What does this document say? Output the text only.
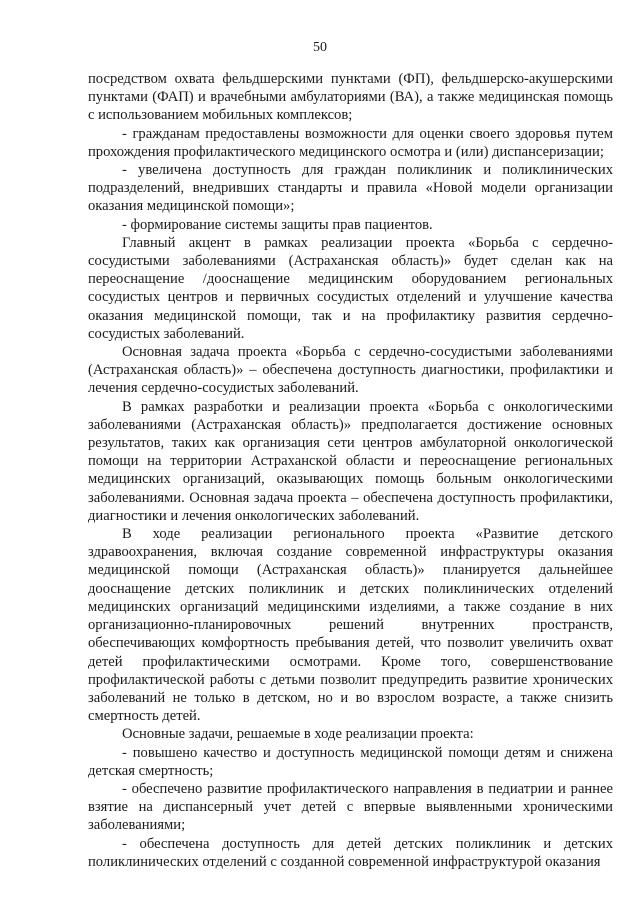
50

посредством охвата фельдшерскими пунктами (ФП), фельдшерско-акушерскими пунктами (ФАП) и врачебными амбулаториями (ВА), а также медицинская помощь с использованием мобильных комплексов;

- гражданам предоставлены возможности для оценки своего здоровья путем прохождения профилактического медицинского осмотра и (или) диспансеризации;

- увеличена доступность для граждан поликлиник и поликлинических подразделений, внедривших стандарты и правила «Новой модели организации оказания медицинской помощи»;

- формирование системы защиты прав пациентов.

Главный акцент в рамках реализации проекта «Борьба с сердечно-сосудистыми заболеваниями (Астраханская область)» будет сделан как на переоснащение /дооснащение медицинским оборудованием региональных сосудистых центров и первичных сосудистых отделений и улучшение качества оказания медицинской помощи, так и на профилактику развития сердечно-сосудистых заболеваний.

Основная задача проекта «Борьба с сердечно-сосудистыми заболеваниями (Астраханская область)» – обеспечена доступность диагностики, профилактики и лечения сердечно-сосудистых заболеваний.

В рамках разработки и реализации проекта «Борьба с онкологическими заболеваниями (Астраханская область)» предполагается достижение основных результатов, таких как организация сети центров амбулаторной онкологической помощи на территории Астраханской области и переоснащение региональных медицинских организаций, оказывающих помощь больным онкологическими заболеваниями. Основная задача проекта – обеспечена доступность профилактики, диагностики и лечения онкологических заболеваний.

В ходе реализации регионального проекта «Развитие детского здравоохранения, включая создание современной инфраструктуры оказания медицинской помощи (Астраханская область)» планируется дальнейшее дооснащение детских поликлиник и детских поликлинических отделений медицинских организаций медицинскими изделиями, а также создание в них организационно-планировочных решений внутренних пространств, обеспечивающих комфортность пребывания детей, что позволит увеличить охват детей профилактическими осмотрами. Кроме того, совершенствование профилактической работы с детьми позволит предупредить развитие хронических заболеваний не только в детском, но и во взрослом возрасте, а также снизить смертность детей.

Основные задачи, решаемые в ходе реализации проекта:

- повышено качество и доступность медицинской помощи детям и снижена детская смертность;

- обеспечено развитие профилактического направления в педиатрии и раннее взятие на диспансерный учет детей с впервые выявленными хроническими заболеваниями;

- обеспечена доступность для детей детских поликлиник и детских поликлинических отделений с созданной современной инфраструктурой оказания
